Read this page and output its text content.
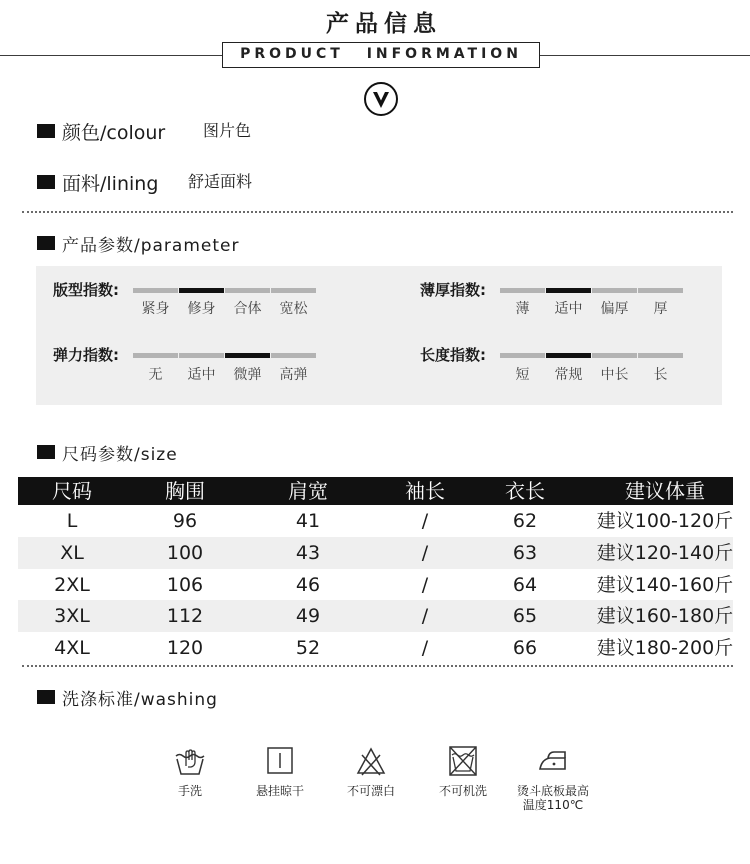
产品信息
PRODUCT INFORMATION
颜色/colour 图片色
面料/lining 舒适面料
产品参数/parameter
尺码参数/size
洗涤标准/washing
手洗	悬挂晾干	不可漂白	不可机洗	烫斗底板最高
温度110℃
版型指数:
紧身	修身	合体	宽松
薄厚指数:
薄	适中	偏厚	厚
弹力指数:
无	适中	微弹	高弹
长度指数:
短	常规	中长	长
尺码	胸围	肩宽	袖长	衣长	建议体重
L	96	41	/	62	建议100-120斤
XL	100	43	/	63	建议120-140斤
2XL	106	46	/	64	建议140-160斤
3XL	112	49	/	65	建议160-180斤
4XL	120	52	/	66	建议180-200斤
